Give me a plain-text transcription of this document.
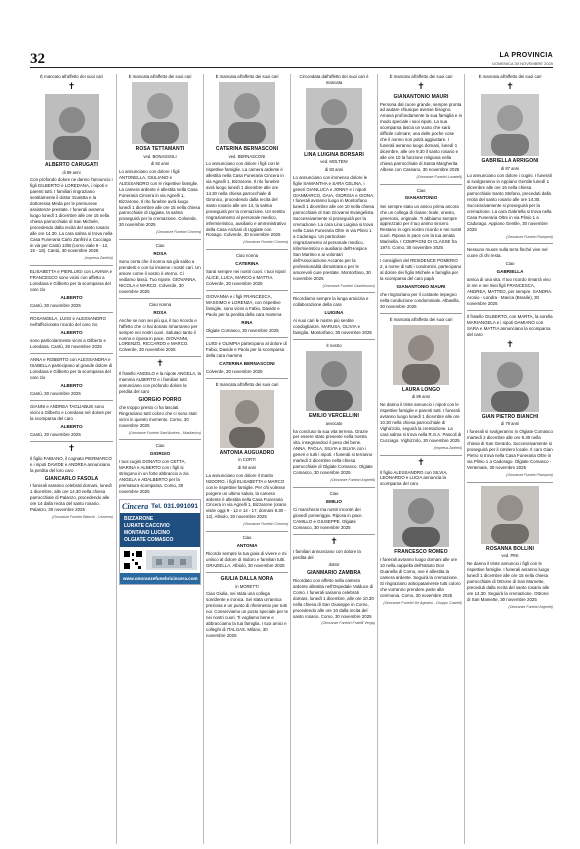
32	LA PROVINCIA
DOMENICA 30 NOVEMBRE 2025
È mancato all'affetto dei suoi cari
✝
ALBERTO CARUGATI
di 89 anni

Con profondo dolore ne danno l'annuncio i figli GILBERTO e LOREDANA, i nipoti e parenti tutti. I familiari ringraziano sentitamente il dottor Scaletta e la dottoressa Meda per le premurose assistenze prestate. I funerali avranno luogo lunedì 1 dicembre alle ore 15 nella chiesa parrocchiale di San Michele, procedendo dalla recita del santo rosario alle ore 14.30. La cara salma si trova nella Casa Funeraria Carlo Zanfrini a Cucciago in via per Cantù 13/B (corso viale 9 - 12, 15 - 18). Cantù, 30 novembre 2025

(Impresa Zanfrini)

ELISABETTA e PIERLUIGI con LAVINIA e FRANCESCO sono vicini con affetto a Loredana e Gilberto per la scomparsa del caro zio

ALBERTO

Cantù, 30 novembre 2025

ROSANGELA, LUIGI e ALESSANDRO nell'affezionato ricordo del caro zio

ALBERTO

sono particolarmente vicini a Gilberto e Loredana. Cantù, 30 novembre 2025

ANNA e ROBERTO con ALESSANDRA e ISABELLA partecipano al grande dolore di Loredana e Gilberto per la scomparsa del caro zio

ALBERTO

Cantù, 30 novembre 2025

GIANNI e ANDREA TAGLIABUE sono vicini a Gilberto e Loredana nel dolore per la scomparsa del caro

ALBERTO

Cantù, 30 novembre 2025

✝

Il figlio FABIANO, il cognato PIERMARCO e i nipoti DAVIDE e ANDREA annunciano la perdita del loro caro

GIANCARLO FASOLA

I funerali saranno celebrati domani, lunedì 1 dicembre, alle ore 14.30 nella chiesa parrocchiale di Palanzo, procedendo alle ore 14 dalla recita del santo rosario. Palanzo, 30 novembre 2025

(Onoranze Funebri Bianchi - Lezzeno)
È mancata all'affetto dei suoi cari
ROSA TETTAMANTI
ved. BONASSOLI
di 92 anni

Lo annunciano con dolore i figli ANTONELLA, GIULIANO e ALESSANDRO con le rispettive famiglie. La camera ardente è allestita nella Casa Funeraria Cincera in via Agnelli 1, Bizzarone. Il rito funebre avrà luogo lunedì 1 dicembre alle ore 15 nella chiesa parrocchiale di Uggiate, la salma proseguirà per la cremazione. Colverde, 30 novembre 2025

(Onoranze Funebri Cincera)
Ciao
ROSA

Sono certa che il nonno sia già salito a prenderti e con lui insieme i nostri cari. Un amore come il vostro è eterno. Ci vediamo lassù. Tuo nipote. GIOVANNA, NICOLA e MARCO. Colverde, 30 novembre 2025

Ciao nonna
ROSA

Anche se non sei più qui, il tuo ricordo e l'affetto che ci hai donato rimarranno per sempre nei nostri cuori. Salutaci tanto il nonno e riposa in pace. GIOVANNI, LORENZO, RICCARDO e MARCO. Colverde, 30 novembre 2025

✝

Il fratello ANGELO e la nipote ANGELA, la mamma ALBERTO e i familiari tutti annunciano con profondo dolore la perdita del caro

GIORGIO PORRO

che troppo presto ci ha lasciati. Ringraziano tutti coloro che ci sono stati vicini in questo momento. Como, 30 novembre 2025

(Onoranze Funebri Sant'Andrea - Maslianico)
Ciao
GIORGIO

I tuoi cugini DONATO con CETTA, MARINA e ALBERTO con i figli si stringono in un forte abbraccio a zia ANGELA e ADALBERTO per la prematura scomparsa. Como, 30 novembre 2025

Cincera Tel. 031.991091
BIZZARONE
LURATE CACCIVIO
MONTANO LUCINO
OLGIATE COMASCO
www.onoranzefunebricincera.com
È mancata all'affetto dei suoi cari
CATERINA BERNASCONI
ved. BERNASCONI

Lo annunciano con dolore i figli con le rispettive famiglie. La camera ardente è allestita nella Casa Funeraria Cincera in via Agnelli 1, Bizzarone. Il rito funebre avrà luogo lunedì 1 dicembre alle ore 14.30 nella chiesa parrocchiale di Gironico, procedendo dalla recita del santo rosario alle ore 14, la salma proseguirà per la cremazione. Un sentito ringraziamento al personale medico, infermieristico, ausiliario e amministrativo della Casa Anziani di Uggiate con Ronago. Colverde, 30 novembre 2025

(Onoranze Funebri Cincera)
Ciao nonna
CATERINA

Sarai sempre nei nostri cuori. I tuoi nipoti ALICE, LUCA, MARCO e MATTIA. Colverde, 30 novembre 2025

GIOVANNA e i figli FRANCESCA, MASSIMO e LORENZA, con rispettive famiglie, sono vicini a Fabio, Davide e Paolo per la perdita della cara mamma

RINA

Olgiate Comasco, 30 novembre 2025

LUIGI e OLIMPIA partecipano al dolore di Fabio, Davide e Paolo per la scomparsa della cara mamma

CATERINA BERNASCONI

Colverde, 30 novembre 2025

È mancata all'affetto dei suoi cari
ANTONIA AUGUADRO
in CORTI
di 93 anni

La annunciano con dolore il marito ISIDORO, i figli ELISABETTA e MARCO con le rispettive famiglie. Per chi volesse porgere un ultimo saluto, la camera ardente è allestita nella Casa Funeraria Cincera in via Agnelli 1, Bizzarone (orario visite oggi 9 - 12 e 14 - 17, domani 8.30 - 12). Albiolo, 30 novembre 2025

(Onoranze Funebri Cincera)
Ciao
ANTONIA

Ricordo sempre la tua gioia di vivere e mi unisco al dolore di Isidoro e familiari tutti. GRAZIELLA. Albiolo, 30 novembre 2025

GIULIA DALLA NORA
in MORETTI

Ciao Giulia, sei stata una collega sorridente e ironica. Sei stata un'amica preziosa e un punto di riferimento per tutti noi. Conserviamo un posto speciale per te nei nostri cuori. Ti vogliamo bene e abbracciamo la tua famiglia. I tuoi amici e colleghi di ITALGAS. Milano, 30 novembre 2025

Circondata dall'affetto dei suoi cari è mancata
LINA LUIGINA BORSARI
ved. MOLTENI
di 83 anni

Lo annunciano con immenso dolore le figlie SAMANTHA e SARA CELINA, i generi GIANLUCA e JONNY e i nipoti GIANMARCO, GAIA, GIORGIA e GIONA. I funerali avranno luogo in Montorfano lunedì 1 dicembre alle ore 10 nella chiesa parrocchiale di San Giovanni Evangelista. Successivamente si proseguirà per la cremazione. La cara Lina Luigina si trova nella Casa Funeraria Oltre in via Plinio 1 a Cadorago. Un particolare ringraziamento al personale medico, infermieristico e ausiliario dell'Hospice San Martino e ai volontari dell'Associazione Accanto per la professionalità dimostrata e per le amorevoli cure prestate. Montorfano, 30 novembre 2025

(Onoranze Funebri Castelnuovo)

Ricordiamo sempre la lunga amicizia e collaborazione della cara

LUIGINA

Ai suoi cari le nostre più sentite condoglianze. MARUSA, OLIVIA e famiglia. Montorfano, 30 novembre 2025

Il nostro
EMILIO VERCELLINI
avvocato

ha concluso la sua vita terrena. Grazie per essere stato presente nella nostra vita, insegnandoci il peso del bene. ANNA, PAOLA, SILVIA e SILVIA con i generi e tutti i nipoti. I funerali si terranno martedì 2 dicembre nella chiesa parrocchiale di Olgiate Comasco. Olgiate Comasco, 30 novembre 2025

(Onoranze Funebri Arghetti)
Ciao
EMILIO

Ci mancherai ma nostri incontri dei giovedì pomeriggio. Riposa in pace. CAMILLO e GIUSEPPE. Olgiate Comasco, 30 novembre 2025

✝

I familiari annunciano con dolore la perdita del

dottor
GIANMARIO ZAMBRA

Ricordato con affetto nella camera ardente allestita nell'Ospedale Valduce di Como. I funerali saranno celebrati domani, lunedì 1 dicembre, alle ore 10.30 nella chiesa di San Giuseppe in Como, procedendo alle ore 10 dalla recita del santo rosario. Como, 30 novembre 2025

(Onoranze Funebri Fratelli Verga)
È mancato all'affetto dei suoi cari
✝
GIANANTONIO MAURI

Persona dal cuore grande, sempre pronta ad aiutare chiunque avesse bisogno. Amava profondamente la sua famiglia e in modo speciale i suoi nipoti. La sua scomparsa lascia un vuoto che sarà difficile colmare; una delle poche cose che il nonno non potrà aggiustare. I funerali avranno luogo domani, lunedì 1 dicembre, alle ore 9.30 il santo rosario e alle ore 10 la funzione religiosa nella chiesa parrocchiale di Santa Margherita. Albese con Cassano, 30 novembre 2025

(Onoranze Funebri Locatelli)
Ciao
GIANANTONIO

Sei sempre stato un amico prima ancora che un collega di classe; leale, onesto, generoso, originale. Ti abbiamo sempre apprezzato per il tuo animo sincero. Restano in ogni nostro ricordo e nei nostri cuori. Riposa in pace con la tua amata Marinella. I COMPAGNI DI CLASSE fra 1974. Como, 30 novembre 2025

I consiglieri del RESIDENCE POMERIO 2, a nome di tutti i condomini, partecipano al dolore dei figlio Michele e famiglia per la scomparsa del caro papà

GIANANTONIO MAURI

che ringraziano per il costante impegno nella conduzione condominiale. Albavilla, 30 novembre 2025

È mancata all'affetto dei suoi cari
LAURA LONGO
di 89 anni

Ne danno il triste annuncio i nipoti con le rispettive famiglie e parenti tutti. I funerali avranno luogo lunedì 1 dicembre alle ore 10.30 nella chiesa parrocchiale di Vighizzolo, seguirà la cremazione. La cara salma si trova nella R.S.A. Pascoli di Cucciago. Vighizzolo, 30 novembre 2025

(Impresa Zanfrini)
✝

Il figlio ALESSANDRO con SILVIA, LEONARDO e LUCIA annuncia la scomparsa del caro

FRANCESCO ROMEO

I funerali avranno luogo domani alle ore 10 nella cappella dell'Istituto Don Guanella di Como, ove è allestita la camera ardente. Seguirà la cremazione. Si ringraziano anticipatamente tutti coloro che vorranno prendere parte alla cerimonia. Como, 30 novembre 2025

(Onoranze Funebri De Agostini - Gruppo Castelli)
È mancata all'affetto dei suoi cari
✝
GABRIELLA ARRIGONI
di 87 anni

Lo annunciano con dolore i cugini. I funerali si svolgeranno in Appiano Gentile lunedì 1 dicembre alle ore 15 nella chiesa parrocchiale Santo Stefano, preceduti dalla recita del santo rosario alle ore 14.30. Successivamente si proseguirà per la cremazione. La cara Gabriella si trova nella Casa Funeraria Oltre in via Plinio 1 a Cadorago. Appiano Gentile, 30 novembre 2025

(Onoranze Funebri Ramponi)

Nessuno muore sulla terra finché vive nel cuore di chi resta.

Ciao
GABRIELLA

amica di una vita. Il tuo ricordo rimarrà vivo in me e nei miei figli FRANCESCA, ANDREA, MATTEO, per sempre. SANDRA. Arosio - Londra - Marica (Brasile), 30 novembre 2025

Il fratello GILBERTO, con MARTA, la sorella MARIANGELA e i nipoti DAMIANO con SARA e MATTIA annunciano la scomparsa del caro

✝
GIAN PIETRO BIANCHI
di 79 anni

I funerali si svolgeranno in Olgiate Comasco martedì 2 dicembre alle ore 9.30 nella chiesa di San Gerardo. Successivamente si proseguirà per il cimitero locale. Il caro Gian Pietro si trova nella Casa Funeraria Oltre in via Plinio 1 a Cadorago. Olgiate Comasco - Vertemate, 30 novembre 2025

(Onoranze Funebri Ramponi)
ROSANNA BOLLINI
ved. PINI

Ne danno il triste annuncio i figli con le rispettive famiglie. I funerali avranno luogo lunedì 1 dicembre alle ore 15 nella chiesa parrocchiale di Ottrone di San Mamette, preceduti dalla recita del santo rosario alle ore 14.30. Seguirà la cremazione. Ottrone di San Mamette, 30 novembre 2025

(Onoranze Funebri Arghetti)
